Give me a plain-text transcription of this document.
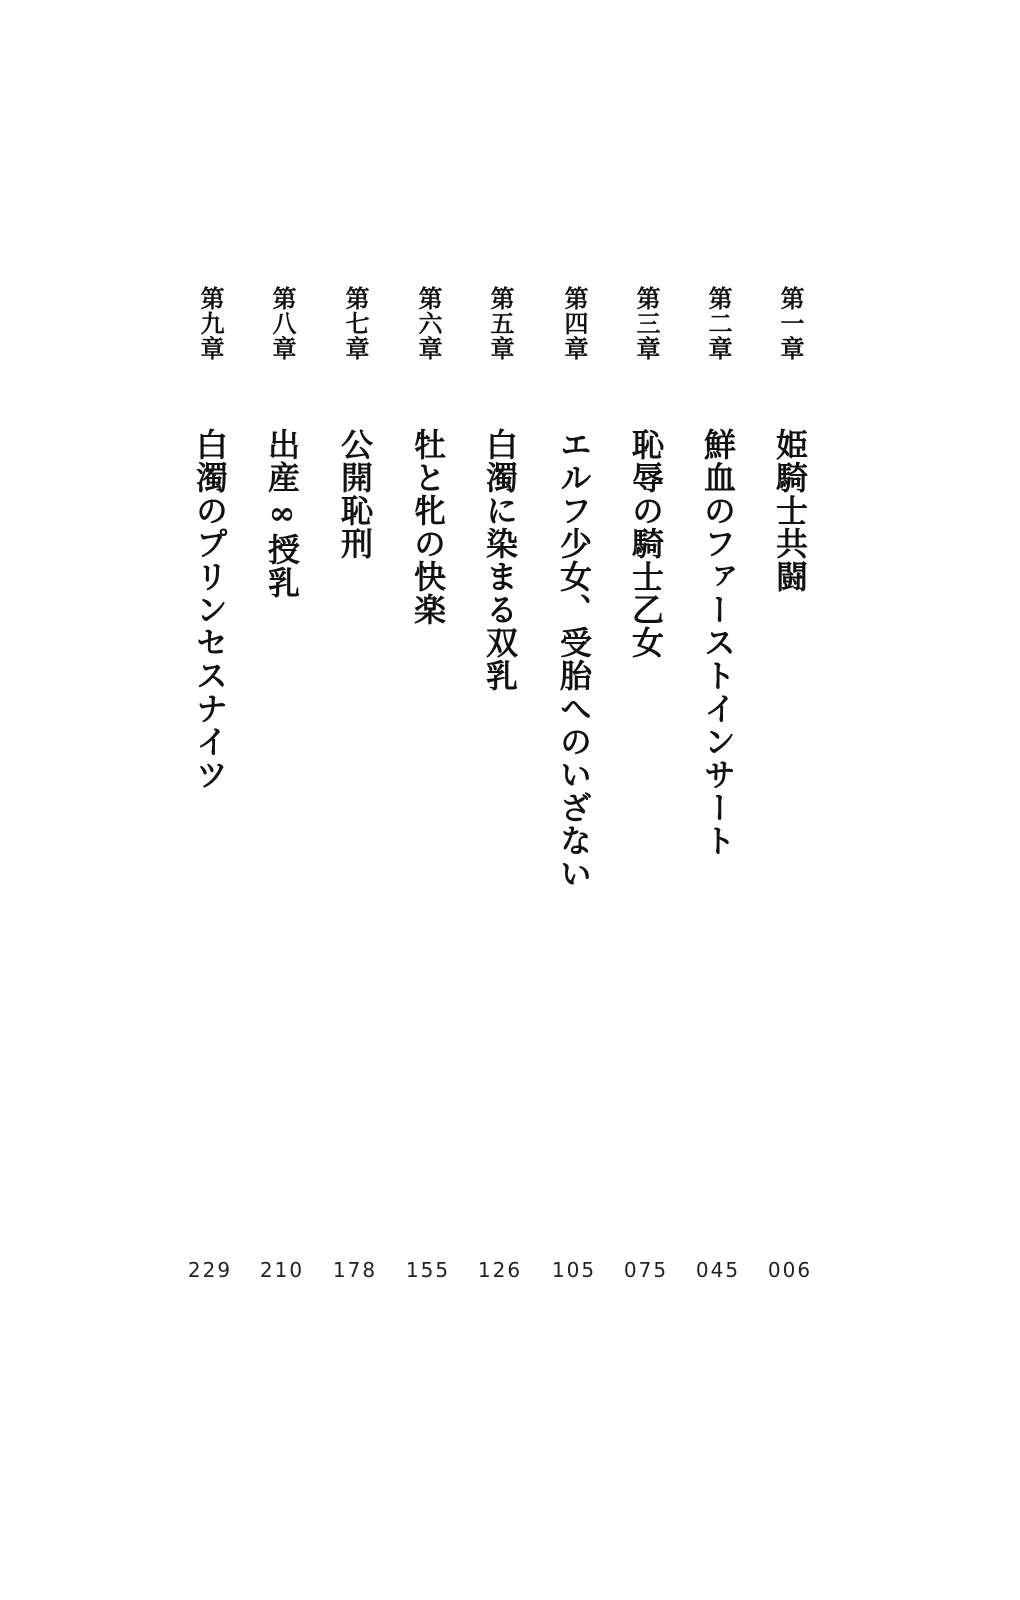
第一章
姫騎士共闘
006
第二章
鮮血のファーストインサート
045
第三章
恥辱の騎士乙女
075
第四章
エルフ少女、受胎へのいざない
105
第五章
白濁に染まる双乳
126
第六章
牡と牝の快楽
155
第七章
公開恥刑
178
第八章
出産∞授乳
210
第九章
白濁のプリンセスナイツ
229
